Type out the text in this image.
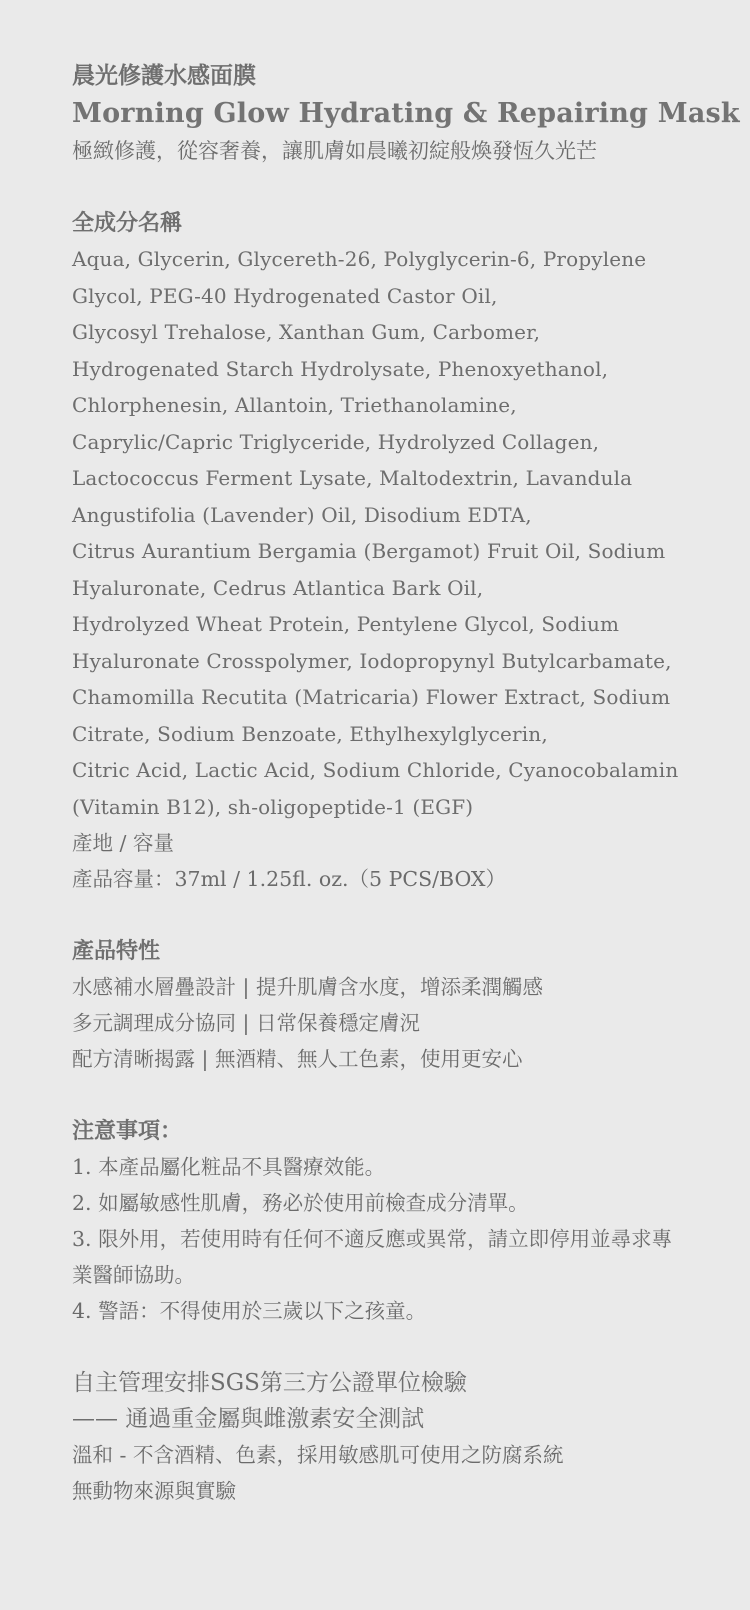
晨光修護水感面膜

Morning Glow Hydrating & Repairing Mask

極緻修護，從容奢養，讓肌膚如晨曦初綻般煥發恆久光芒

全成分名稱

Aqua, Glycerin, Glycereth-26, Polyglycerin-6, Propylene Glycol, PEG-40 Hydrogenated Castor Oil,
Glycosyl Trehalose, Xanthan Gum, Carbomer, Hydrogenated Starch Hydrolysate, Phenoxyethanol,
Chlorphenesin, Allantoin, Triethanolamine, Caprylic/Capric Triglyceride, Hydrolyzed Collagen,
Lactococcus Ferment Lysate, Maltodextrin, Lavandula Angustifolia (Lavender) Oil, Disodium EDTA,
Citrus Aurantium Bergamia (Bergamot) Fruit Oil, Sodium Hyaluronate, Cedrus Atlantica Bark Oil,
Hydrolyzed Wheat Protein, Pentylene Glycol, Sodium Hyaluronate Crosspolymer, Iodopropynyl Butylcarbamate,
Chamomilla Recutita (Matricaria) Flower Extract, Sodium Citrate, Sodium Benzoate, Ethylhexylglycerin,
Citric Acid, Lactic Acid, Sodium Chloride, Cyanocobalamin (Vitamin B12), sh-oligopeptide-1 (EGF)

產地 / 容量

產品容量：37ml / 1.25fl. oz.（5 PCS/BOX）

產品特性

水感補水層疊設計 | 提升肌膚含水度，增添柔潤觸感

多元調理成分協同 | 日常保養穩定膚況

配方清晰揭露 | 無酒精、無人工色素，使用更安心

注意事項：

1. 本產品屬化粧品不具醫療效能。

2. 如屬敏感性肌膚，務必於使用前檢查成分清單。

3. 限外用，若使用時有任何不適反應或異常，請立即停用並尋求專業醫師協助。

4. 警語：不得使用於三歲以下之孩童。

自主管理安排SGS第三方公證單位檢驗

—— 通過重金屬與雌激素安全測試

溫和 - 不含酒精、色素，採用敏感肌可使用之防腐系統

無動物來源與實驗
